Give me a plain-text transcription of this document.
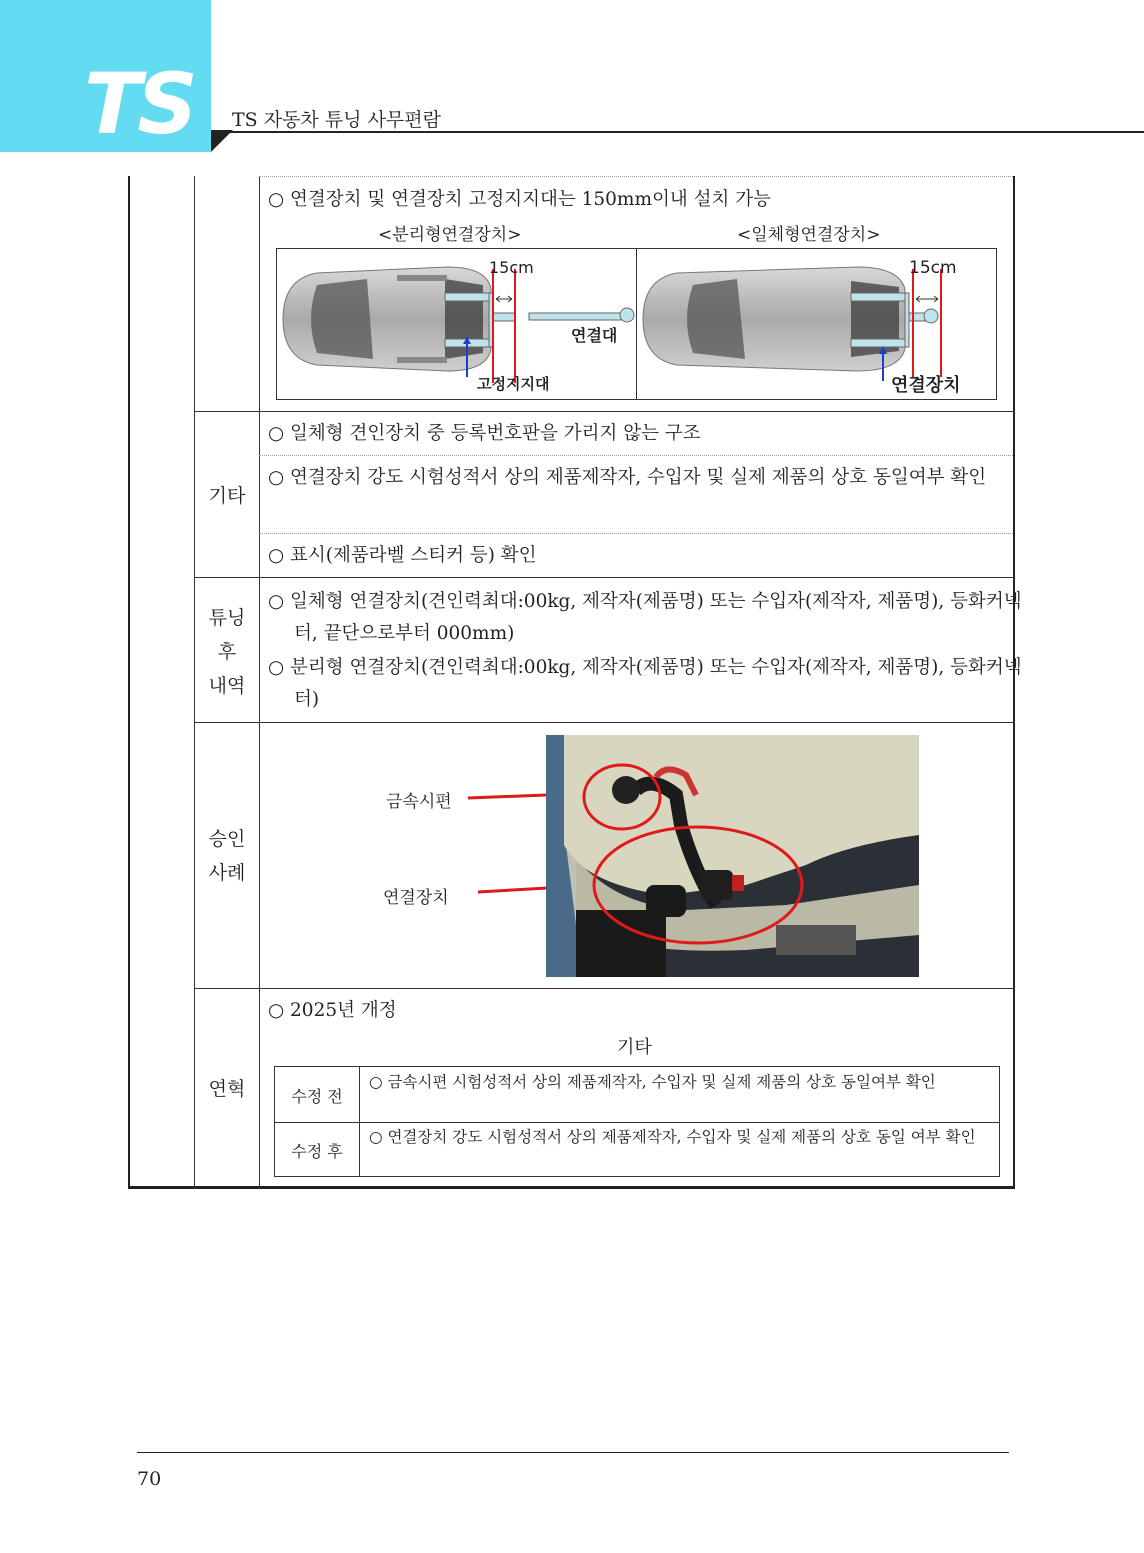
TS TS 자동차 튜닝 사무편람
○ 연결장치 및 연결장치 고정지지대는 150mm이내 설치 가능
<분리형연결장치>	<일체형연결장치>
15cm
연결대
고정지지대
15cm
연결장치
기타
○ 일체형 견인장치 중 등록번호판을 가리지 않는 구조
○ 연결장치 강도 시험성적서 상의 제품제작자, 수입자 및 실제 제품의 상호 동일여부 확인
○ 표시(제품라벨 스티커 등) 확인
튜닝
후
내역
○ 일체형 연결장치(견인력최대:00kg, 제작자(제품명) 또는 수입자(제작자, 제품명), 등화커넥터, 끝단으로부터 000mm)
○ 분리형 연결장치(견인력최대:00kg, 제작자(제품명) 또는 수입자(제작자, 제품명), 등화커넥터)
승인
사례
금속시편
연결장치
연혁
○ 2025년 개정
기타
수정 전
○ 금속시편 시험성적서 상의 제품제작자, 수입자 및 실제 제품의 상호 동일여부 확인
수정 후
○ 연결장치 강도 시험성적서 상의 제품제작자, 수입자 및 실제 제품의 상호 동일 여부 확인
70
